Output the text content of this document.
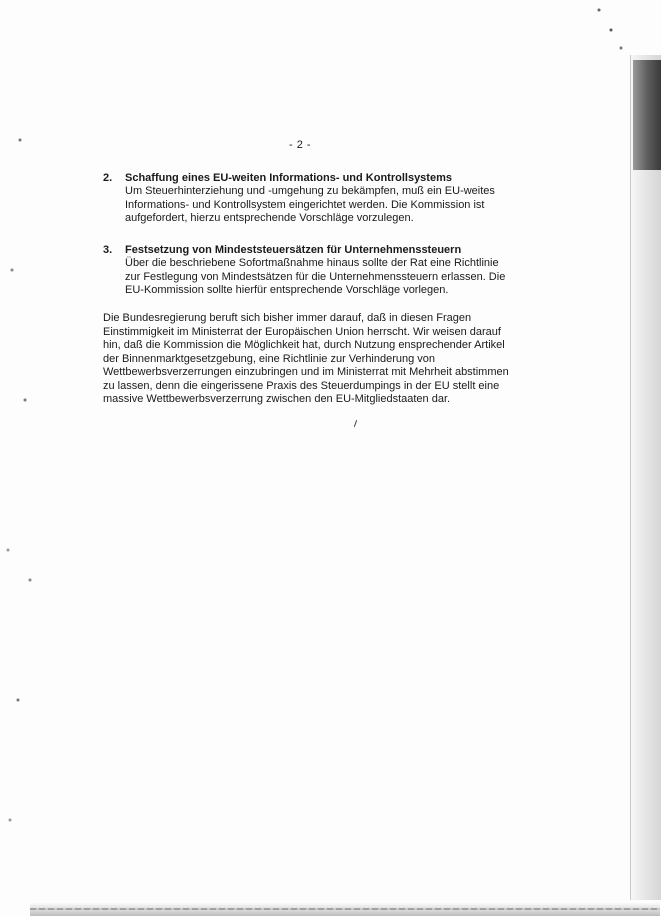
- 2 -
2. Schaffung eines EU-weiten Informations- und Kontrollsystems
Um Steuerhinterziehung und -umgehung zu bekämpfen, muß ein EU-weites
Informations- und Kontrollsystem eingerichtet werden. Die Kommission ist
aufgefordert, hierzu entsprechende Vorschläge vorzulegen.
3. Festsetzung von Mindeststeuersätzen für Unternehmenssteuern
Über die beschriebene Sofortmaßnahme hinaus sollte der Rat eine Richtlinie
zur Festlegung von Mindestsätzen für die Unternehmenssteuern erlassen. Die
EU-Kommission sollte hierfür entsprechende Vorschläge vorlegen.
Die Bundesregierung beruft sich bisher immer darauf, daß in diesen Fragen
Einstimmigkeit im Ministerrat der Europäischen Union herrscht. Wir weisen darauf
hin, daß die Kommission die Möglichkeit hat, durch Nutzung ensprechender Artikel
der Binnenmarktgesetzgebung, eine Richtlinie zur Verhinderung von
Wettbewerbsverzerrungen einzubringen und im Ministerrat mit Mehrheit abstimmen
zu lassen, denn die eingerissene Praxis des Steuerdumpings in der EU stellt eine
massive Wettbewerbsverzerrung zwischen den EU-Mitgliedstaaten dar.
